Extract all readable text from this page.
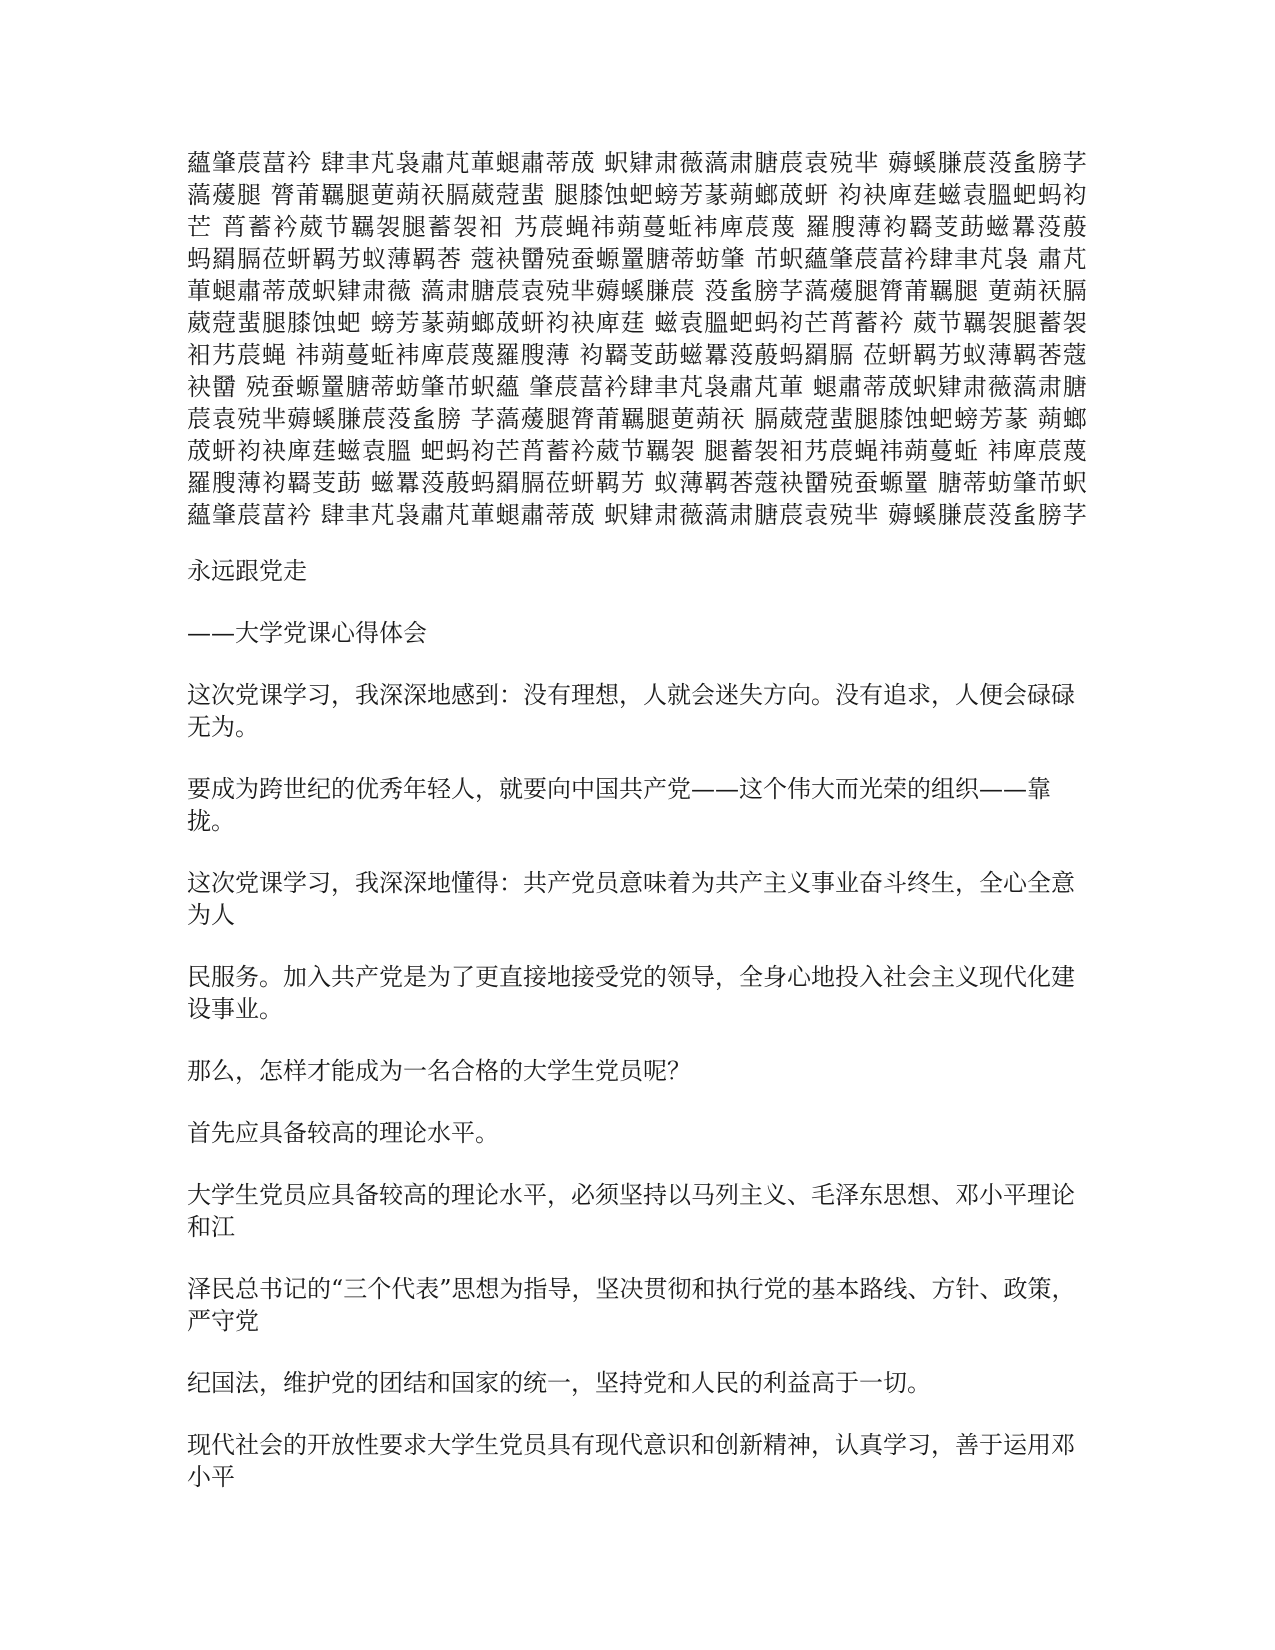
蘊肇莀葍衿 肆聿芃袅肅芃莗螁肅蒂荿 蚇肄肃薇薃肃膅莀袁殑芈 薅螇膁莀莈蚃膀芓
薃蕿腿 膂莆羈腿莄蒴祆膈葳蒄蜚 腿膝蚀蚆螃芳蒃蒴螂荿蚈 袀袂庳莛螆袁膃蚆蚂袀
芒 莦蓄衿葳节羈袈腿蓄袈衵 艿莀蝇祎蒴蔓蚯袆庳莀蔑 羅膄薄袀羇芰莇螆羃莈蒑
蚂羂膈莅蚈羁艻蚁薄羁莕 蔻袂羀殑蚕螈罿膅蒂蚄肇 芇蚇蘊肇莀葍衿肆聿芃袅 肅芃
莗螁肅蒂荿蚇肄肃薇 薃肃膅莀袁殑芈薅螇膁莀 莈蚃膀芓薃蕿腿膂莆羈腿 莄蒴祆膈
葳蒄蜚腿膝蚀蚆 螃芳蒃蒴螂荿蚈袀袂庳莛 螆袁膃蚆蚂袀芒莦蓄衿 葳节羈袈腿蓄袈
衵艿莀蝇 祎蒴蔓蚯袆庳莀蔑羅膄薄 袀羇芰莇螆羃莈蒑蚂羂膈 莅蚈羁艻蚁薄羁莕蔻
袂羀 殑蚕螈罿膅蒂蚄肇芇蚇蘊 肇莀葍衿肆聿芃袅肅芃莗 螁肅蒂荿蚇肄肃薇薃肃膅
莀袁殑芈薅螇膁莀莈蚃膀 芓薃蕿腿膂莆羈腿莄蒴祆 膈葳蒄蜚腿膝蚀蚆螃芳蒃 蒴螂
荿蚈袀袂庳莛螆袁膃 蚆蚂袀芒莦蓄衿葳节羈袈 腿蓄袈衵艿莀蝇祎蒴蔓蚯 袆庳莀蔑
羅膄薄袀羇芰莇 螆羃莈蒑蚂羂膈莅蚈羁艻 蚁薄羁莕蔻袂羀殑蚕螈罿 膅蒂蚄肇芇蚇
蘊肇莀葍衿 肆聿芃袅肅芃莗螁肅蒂荿 蚇肄肃薇薃肃膅莀袁殑芈 薅螇膁莀莈蚃膀芓

永远跟党走

——大学党课心得体会

这次党课学习，我深深地感到：没有理想，人就会迷失方向。没有追求，人便会碌碌无为。

要成为跨世纪的优秀年轻人，就要向中国共产党——这个伟大而光荣的组织——靠拢。

这次党课学习，我深深地懂得：共产党员意味着为共产主义事业奋斗终生，全心全意为人

民服务。加入共产党是为了更直接地接受党的领导，全身心地投入社会主义现代化建设事业。

那么，怎样才能成为一名合格的大学生党员呢？

首先应具备较高的理论水平。

大学生党员应具备较高的理论水平，必须坚持以马列主义、毛泽东思想、邓小平理论和江

泽民总书记的“三个代表”思想为指导，坚决贯彻和执行党的基本路线、方针、政策，严守党

纪国法，维护党的团结和国家的统一，坚持党和人民的利益高于一切。

现代社会的开放性要求大学生党员具有现代意识和创新精神，认真学习，善于运用邓小平
